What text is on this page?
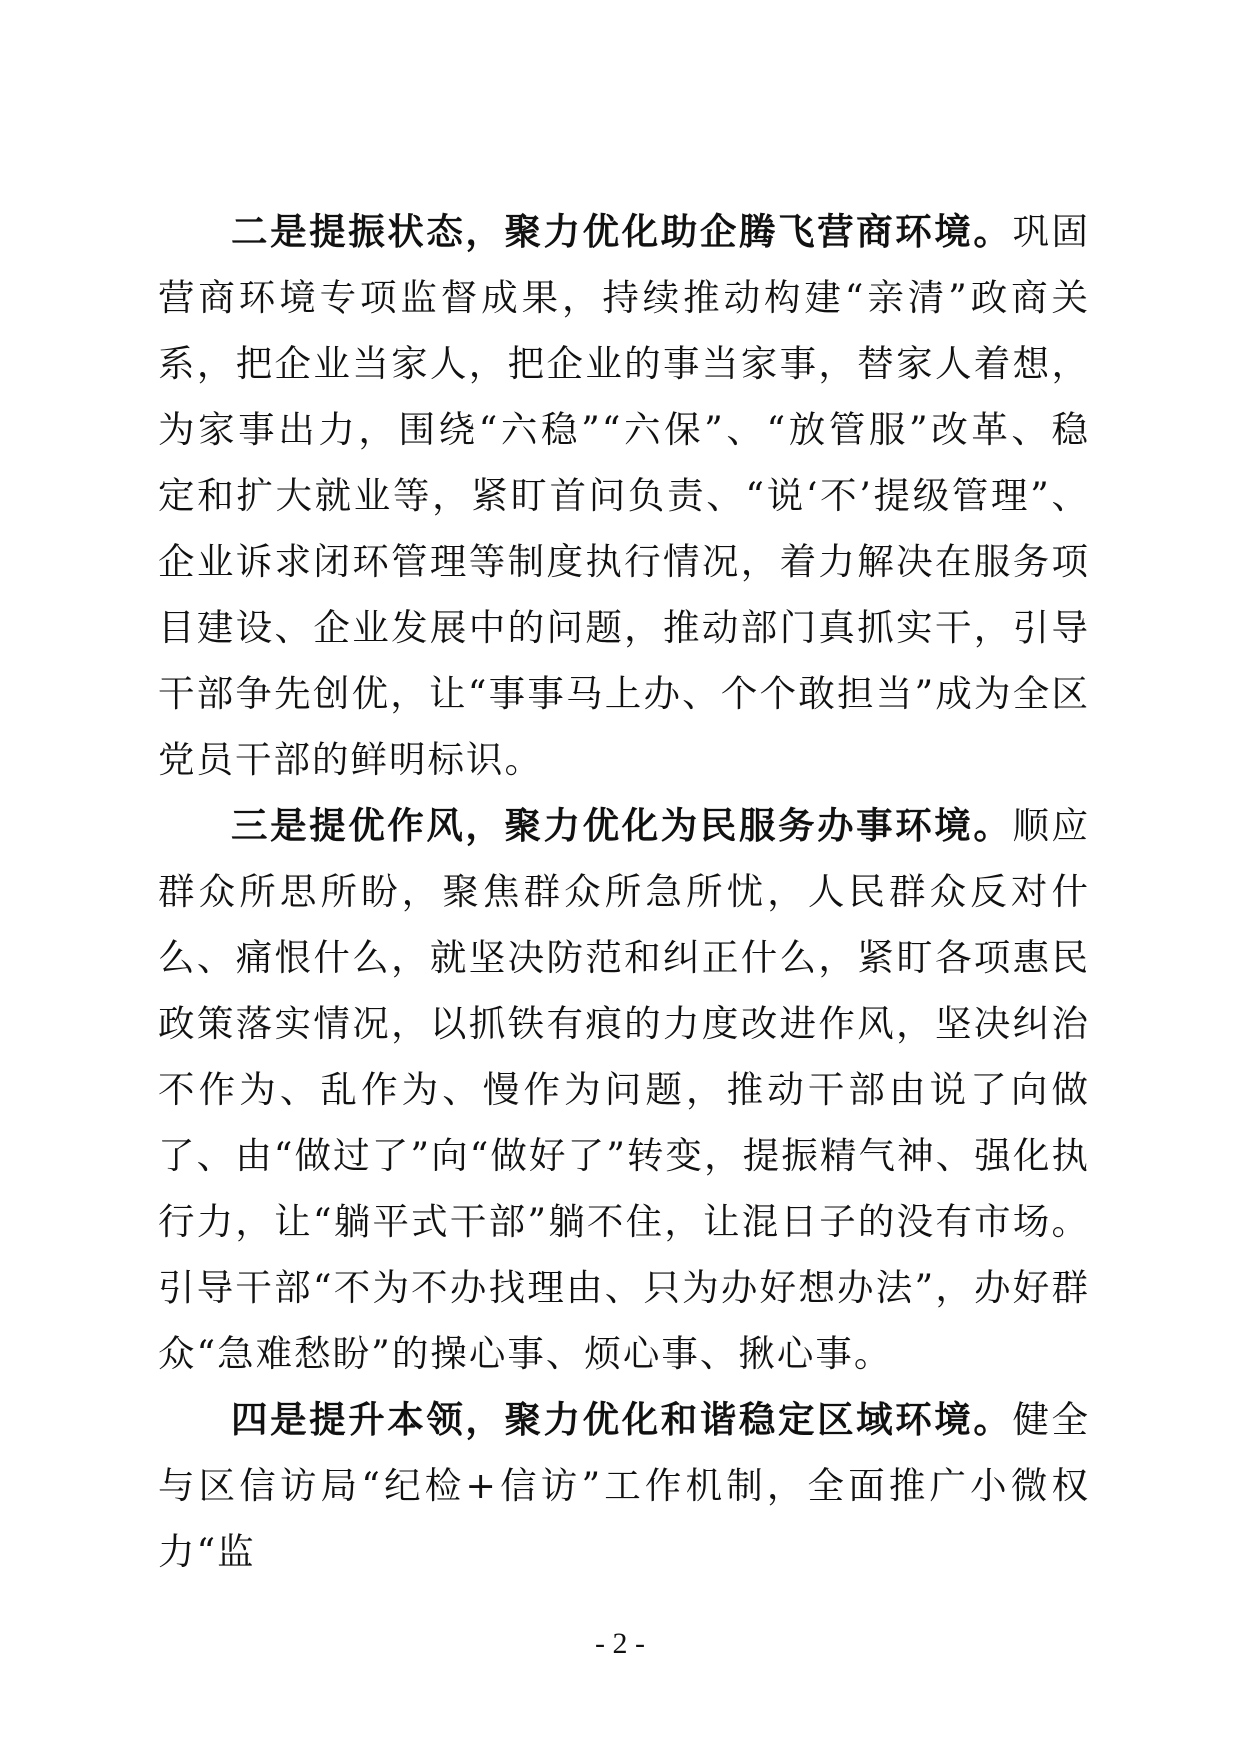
二是提振状态，聚力优化助企腾飞营商环境。巩固营商环境专项监督成果，持续推动构建“亲清”政商关系，把企业当家人，把企业的事当家事，替家人着想，为家事出力，围绕“六稳”“六保”、“放管服”改革、稳定和扩大就业等，紧盯首问负责、“说‘不’提级管理”、企业诉求闭环管理等制度执行情况，着力解决在服务项目建设、企业发展中的问题，推动部门真抓实干，引导干部争先创优，让“事事马上办、个个敢担当”成为全区党员干部的鲜明标识。

三是提优作风，聚力优化为民服务办事环境。顺应群众所思所盼，聚焦群众所急所忧，人民群众反对什么、痛恨什么，就坚决防范和纠正什么，紧盯各项惠民政策落实情况，以抓铁有痕的力度改进作风，坚决纠治不作为、乱作为、慢作为问题，推动干部由说了向做了、由“做过了”向“做好了”转变，提振精气神、强化执行力，让“躺平式干部”躺不住，让混日子的没有市场。引导干部“不为不办找理由、只为办好想办法”，办好群众“急难愁盼”的操心事、烦心事、揪心事。

四是提升本领，聚力优化和谐稳定区域环境。健全与区信访局“纪检+信访”工作机制，全面推广小微权力“监

- 2 -
